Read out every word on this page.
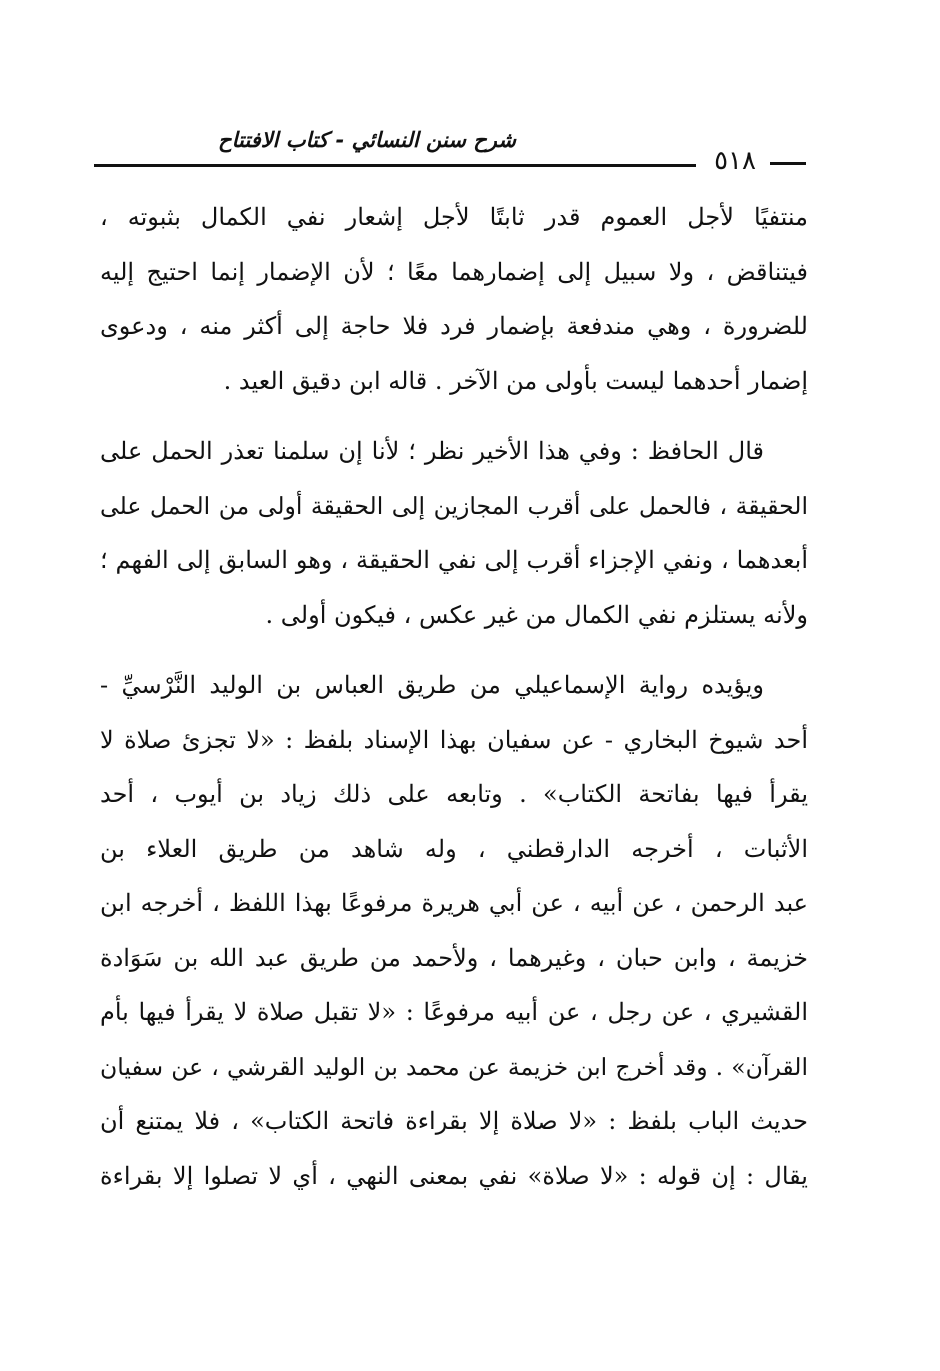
شرح سنن النسائي - كتاب الافتتاح
٥١٨
منتفيًا لأجل العموم قدر ثابتًا لأجل إشعار نفي الكمال بثبوته ،
فيتناقض ، ولا سبيل إلى إضمارهما معًا ؛ لأن الإضمار إنما احتيج إليه
للضرورة ، وهي مندفعة بإضمار فرد فلا حاجة إلى أكثر منه ، ودعوى
إضمار أحدهما ليست بأولى من الآخر . قاله ابن دقيق العيد .
قال الحافظ : وفي هذا الأخير نظر ؛ لأنا إن سلمنا تعذر الحمل على
الحقيقة ، فالحمل على أقرب المجازين إلى الحقيقة أولى من الحمل على
أبعدهما ، ونفي الإجزاء أقرب إلى نفي الحقيقة ، وهو السابق إلى الفهم ؛
ولأنه يستلزم نفي الكمال من غير عكس ، فيكون أولى .
ويؤيده رواية الإسماعيلي من طريق العباس بن الوليد النَّرْسيِّ -
أحد شيوخ البخاري - عن سفيان بهذا الإسناد بلفظ : «لا تجزئ صلاة لا
يقرأ فيها بفاتحة الكتاب» . وتابعه على ذلك زياد بن أيوب ، أحد
الأثبات ، أخرجه الدارقطني ، وله شاهد من طريق العلاء بن
عبد الرحمن ، عن أبيه ، عن أبي هريرة مرفوعًا بهذا اللفظ ، أخرجه ابن
خزيمة ، وابن حبان ، وغيرهما ، ولأحمد من طريق عبد الله بن سَوَادة
القشيري ، عن رجل ، عن أبيه مرفوعًا : «لا تقبل صلاة لا يقرأ فيها بأم
القرآن» . وقد أخرج ابن خزيمة عن محمد بن الوليد القرشي ، عن سفيان
حديث الباب بلفظ : «لا صلاة إلا بقراءة فاتحة الكتاب» ، فلا يمتنع أن
يقال : إن قوله : «لا صلاة» نفي بمعنى النهي ، أي لا تصلوا إلا بقراءة
